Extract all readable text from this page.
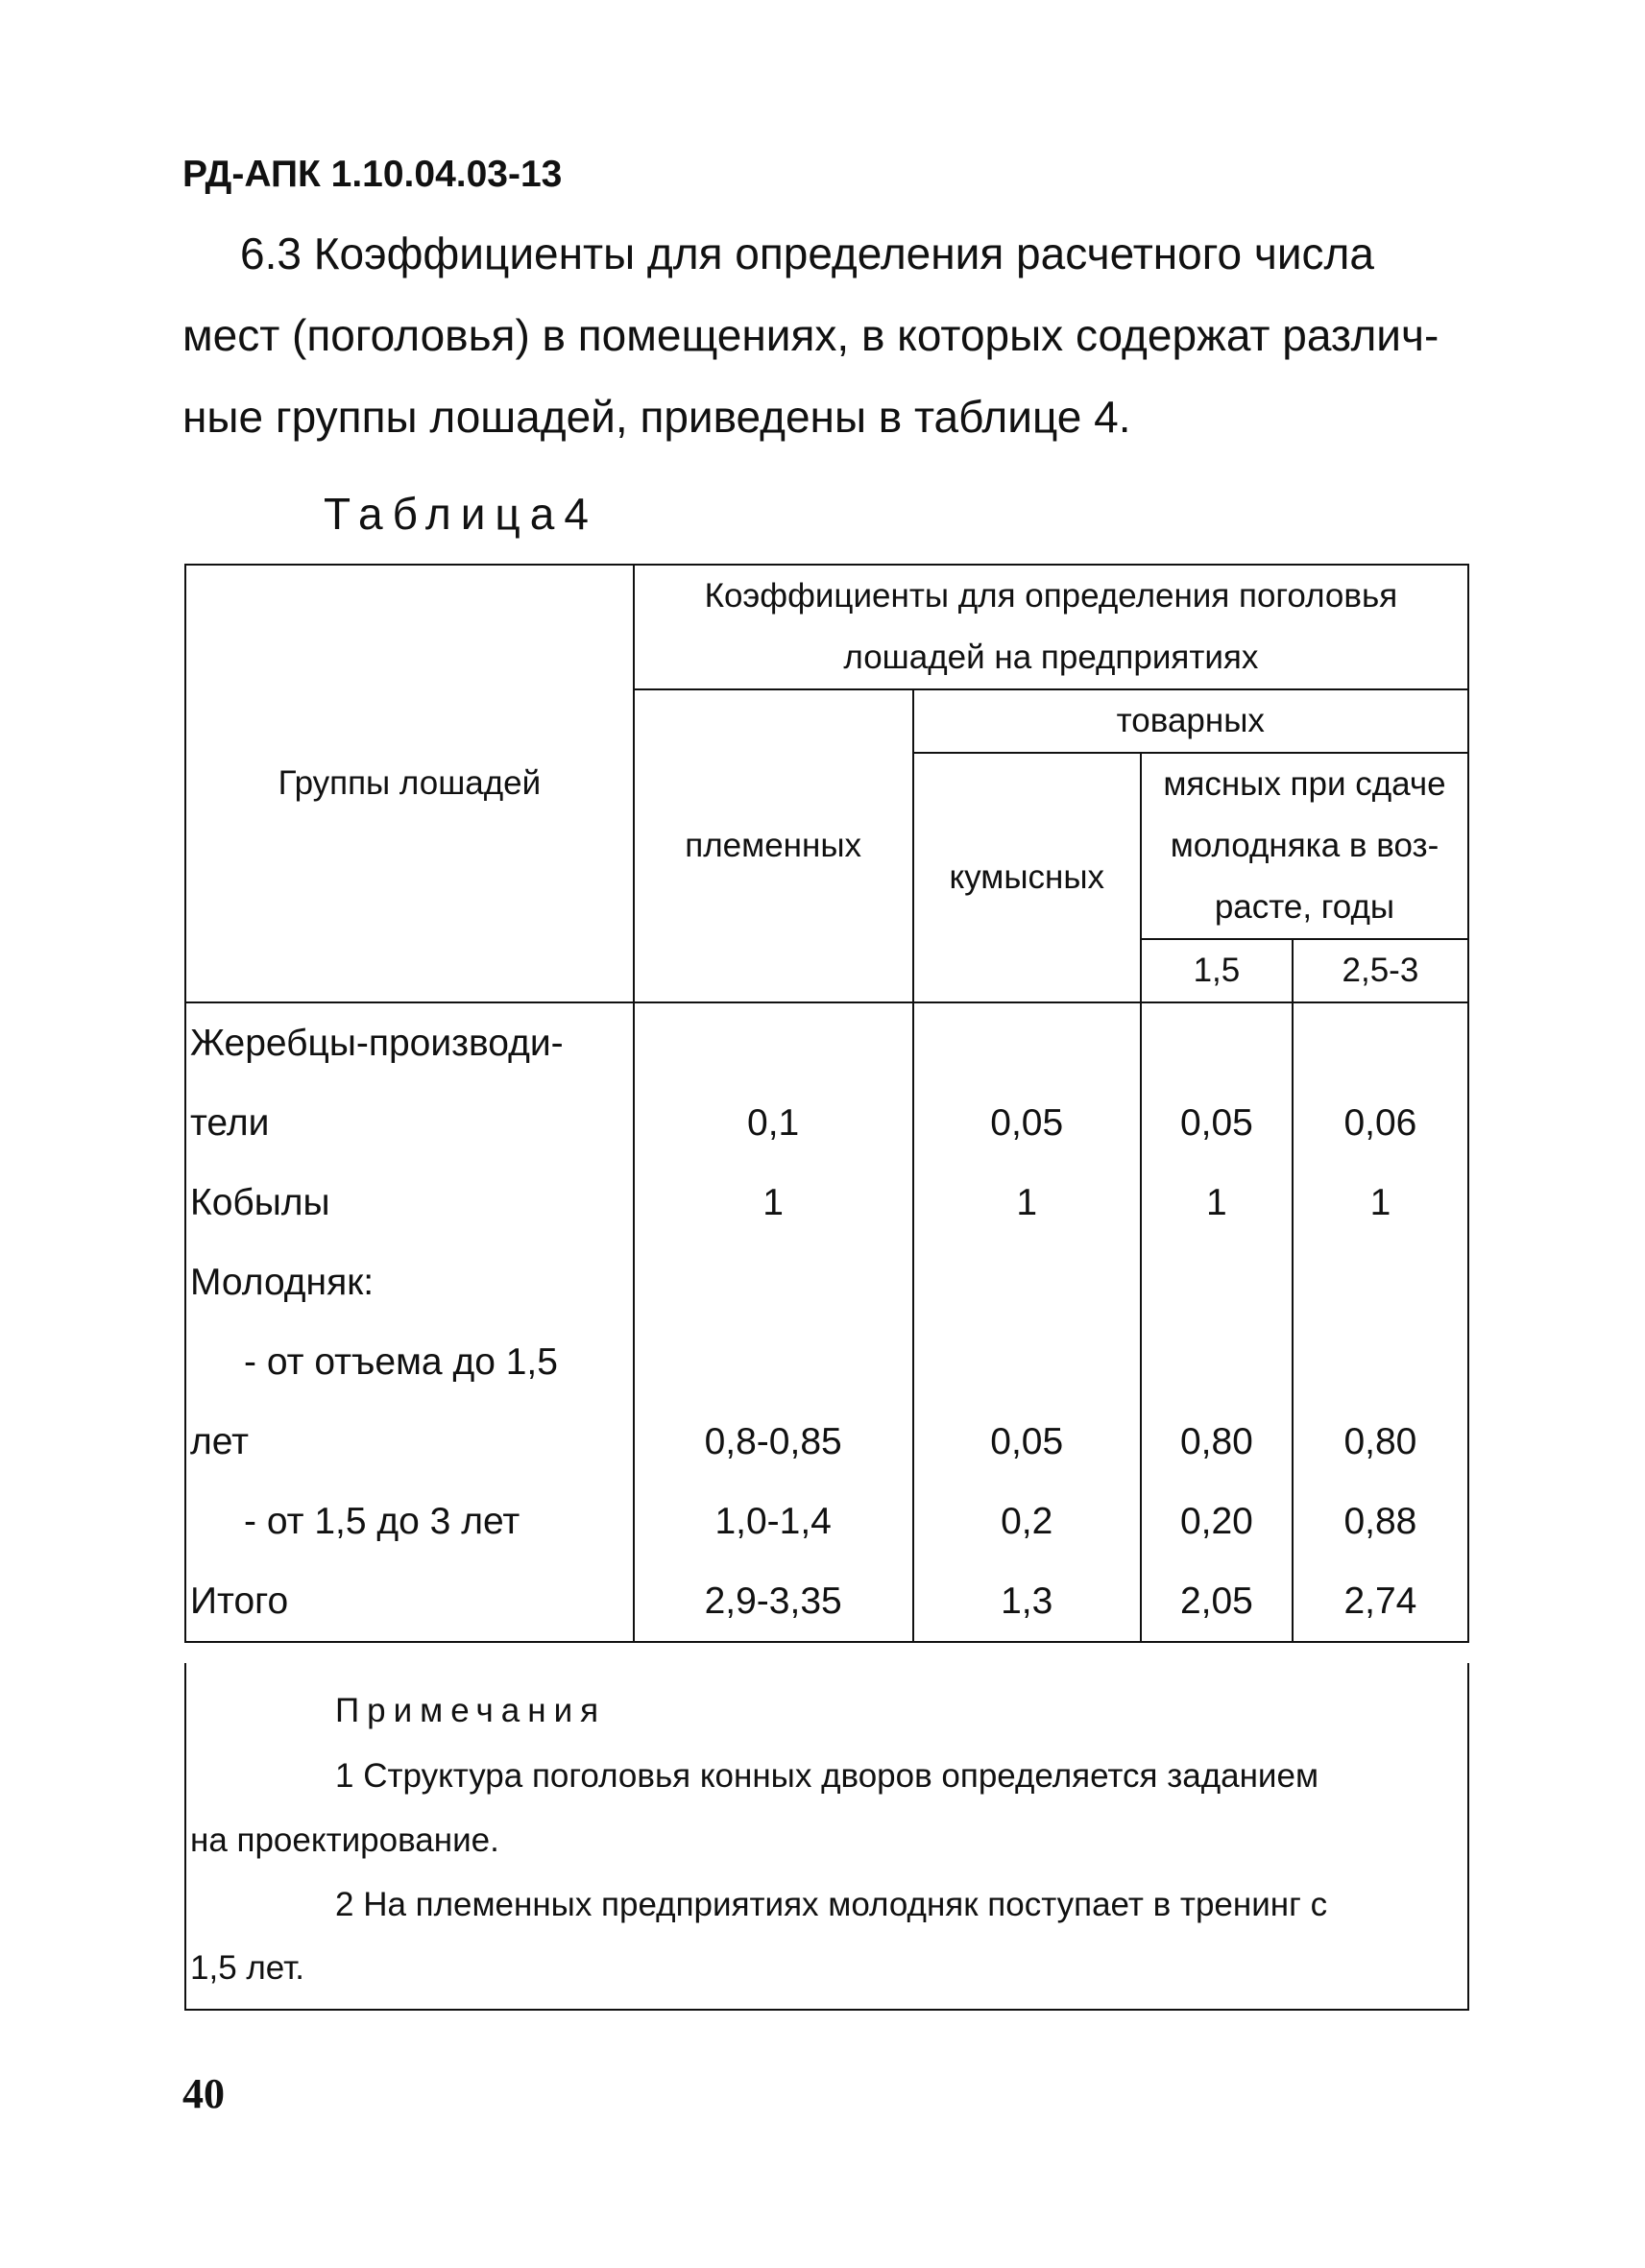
РД-АПК 1.10.04.03-13
6.3 Коэффициенты для определения расчетного числа
мест (поголовья) в помещениях, в которых содержат различ-
ные группы лошадей, приведены в таблице 4.
Таблица4
Группы лошадей	Коэффициенты для определения поголовья лошадей на предприятиях			
	племенных	товарных		
		кумысных	мясных при сдаче молодняка в воз-расте, годы	
			1,5	2,5-3
Жеребцы-производи-				
тели	0,1	0,05	0,05	0,06
Кобылы	1	1	1	1
Молодняк:				
- от отъема до 1,5				
лет	0,8-0,85	0,05	0,80	0,80
- от 1,5 до 3 лет	1,0-1,4	0,2	0,20	0,88
Итого	2,9-3,35	1,3	2,05	2,74
Примечания
1 Структура поголовья конных дворов определяется заданием
на проектирование.
2 На племенных предприятиях молодняк поступает в тренинг с
1,5 лет.
40
